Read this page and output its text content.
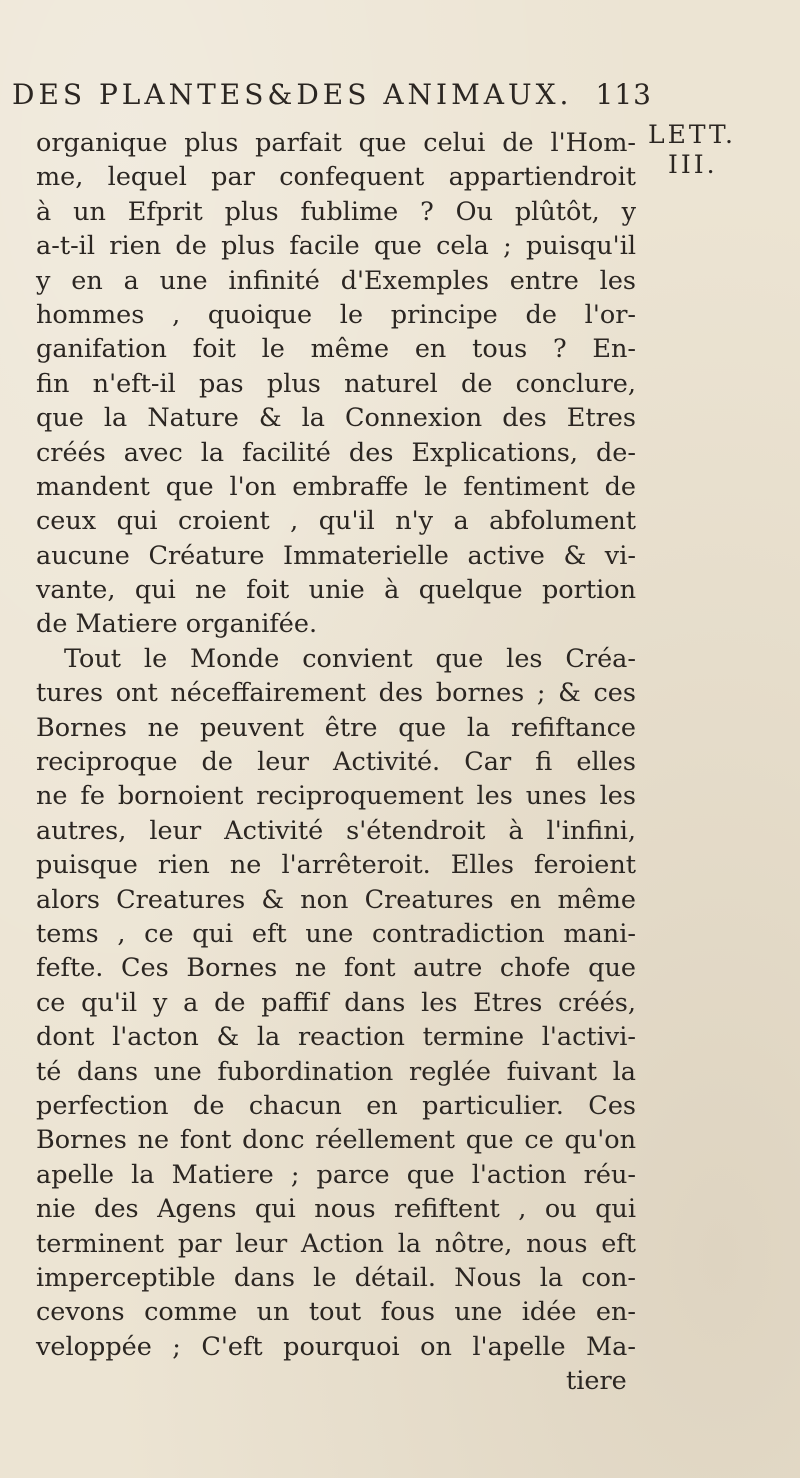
DES PLANTES&DES ANIMAUX. 113
LETT.
III.
organique plus parfait que celui de l'Hom-
me, lequel par confequent appartiendroit
à un Efprit plus fublime ? Ou plûtôt, y
a-t-il rien de plus facile que cela ; puisqu'il
y en a une infinité d'Exemples entre les
hommes , quoique le principe de l'or-
ganifation foit le même en tous ? En-
fin n'eft-il pas plus naturel de conclure,
que la Nature & la Connexion des Etres
créés avec la facilité des Explications, de-
mandent que l'on embraffe le fentiment de
ceux qui croient , qu'il n'y a abfolument
aucune Créature Immaterielle active & vi-
vante, qui ne foit unie à quelque portion
de Matiere organifée.
Tout le Monde convient que les Créa-
tures ont néceffairement des bornes ; & ces
Bornes ne peuvent être que la refiftance
reciproque de leur Activité. Car fi elles
ne fe bornoient reciproquement les unes les
autres, leur Activité s'étendroit à l'infini,
puisque rien ne l'arrêteroit. Elles feroient
alors Creatures & non Creatures en même
tems , ce qui eft une contradiction mani-
fefte. Ces Bornes ne font autre chofe que
ce qu'il y a de paffif dans les Etres créés,
dont l'acton & la reaction termine l'activi-
té dans une fubordination reglée fuivant la
perfection de chacun en particulier. Ces
Bornes ne font donc réellement que ce qu'on
apelle la Matiere ; parce que l'action réu-
nie des Agens qui nous refiftent , ou qui
terminent par leur Action la nôtre, nous eft
imperceptible dans le détail. Nous la con-
cevons comme un tout fous une idée en-
veloppée ; C'eft pourquoi on l'apelle Ma-
tiere
